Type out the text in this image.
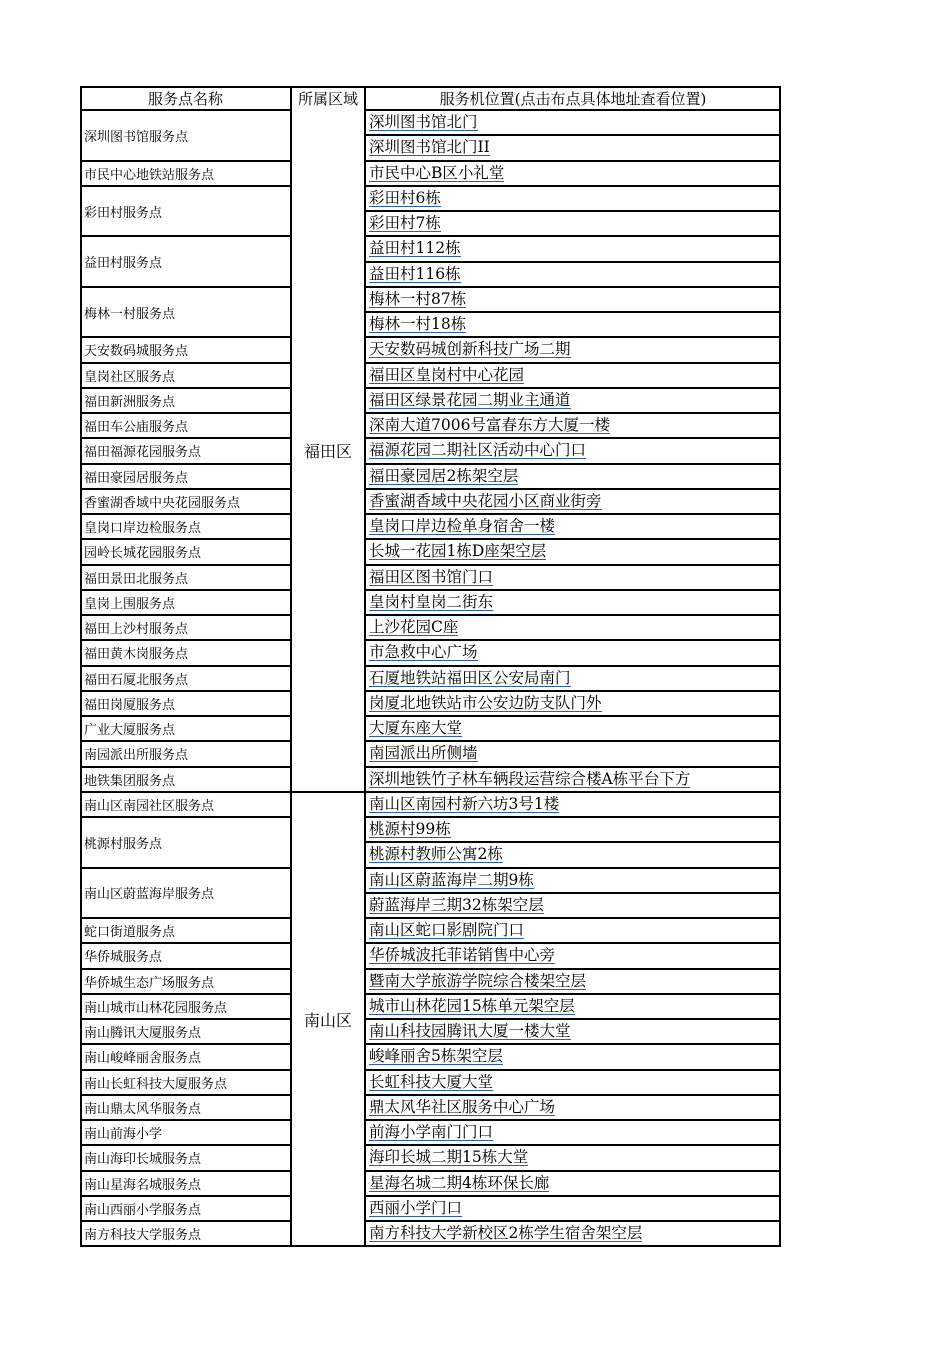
服务点名称	所属区域	服务机位置(点击布点具体地址查看位置)
深圳图书馆北门
深圳图书馆北门II
深圳图书馆服务点
市民中心B区小礼堂
市民中心地铁站服务点
彩田村6栋
彩田村7栋
彩田村服务点
益田村112栋
益田村116栋
益田村服务点
梅林一村87栋
梅林一村18栋
梅林一村服务点
天安数码城创新科技广场二期
天安数码城服务点
福田区皇岗村中心花园
皇岗社区服务点
福田区绿景花园二期业主通道
福田新洲服务点
深南大道7006号富春东方大厦一楼
福田车公庙服务点
福源花园二期社区活动中心门口
福田福源花园服务点
福田豪园居2栋架空层
福田豪园居服务点
香蜜湖香域中央花园小区商业街旁
香蜜湖香域中央花园服务点
皇岗口岸边检单身宿舍一楼
皇岗口岸边检服务点
长城一花园1栋D座架空层
园岭长城花园服务点
福田区图书馆门口
福田景田北服务点
皇岗村皇岗二街东
皇岗上围服务点
上沙花园C座
福田上沙村服务点
市急救中心广场
福田黄木岗服务点
石厦地铁站福田区公安局南门
福田石厦北服务点
岗厦北地铁站市公安边防支队门外
福田岗厦服务点
大厦东座大堂
广业大厦服务点
南园派出所侧墙
南园派出所服务点
深圳地铁竹子林车辆段运营综合楼A栋平台下方
地铁集团服务点
福田区
南山区南园村新六坊3号1楼
南山区南园社区服务点
桃源村99栋
桃源村教师公寓2栋
桃源村服务点
南山区蔚蓝海岸二期9栋
蔚蓝海岸三期32栋架空层
南山区蔚蓝海岸服务点
南山区蛇口影剧院门口
蛇口街道服务点
华侨城波托菲诺销售中心旁
华侨城服务点
暨南大学旅游学院综合楼架空层
华侨城生态广场服务点
城市山林花园15栋单元架空层
南山城市山林花园服务点
南山科技园腾讯大厦一楼大堂
南山腾讯大厦服务点
峻峰丽舍5栋架空层
南山峻峰丽舍服务点
长虹科技大厦大堂
南山长虹科技大厦服务点
鼎太风华社区服务中心广场
南山鼎太风华服务点
前海小学南门门口
南山前海小学
海印长城二期15栋大堂
南山海印长城服务点
星海名城二期4栋环保长廊
南山星海名城服务点
西丽小学门口
南山西丽小学服务点
南方科技大学新校区2栋学生宿舍架空层
南方科技大学服务点
南山区
